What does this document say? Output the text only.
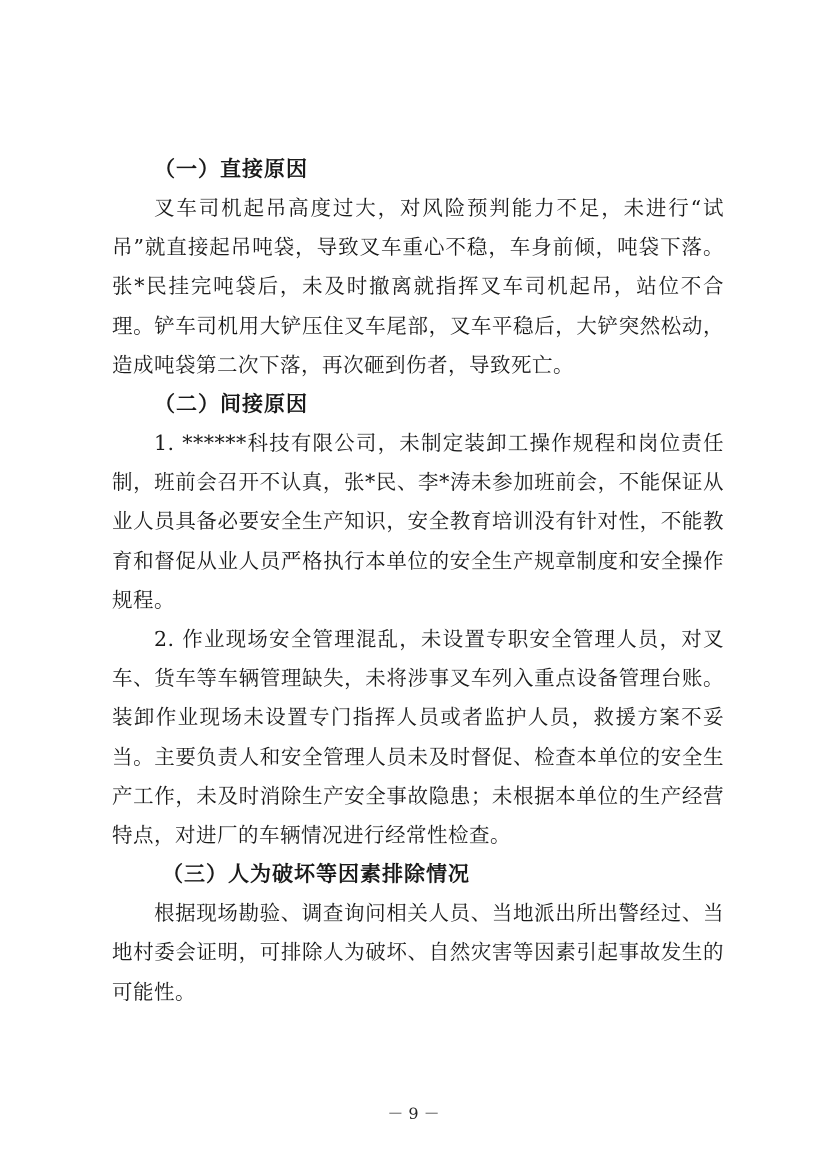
（一）直接原因

叉车司机起吊高度过大，对风险预判能力不足，未进行“试吊”就直接起吊吨袋，导致叉车重心不稳，车身前倾，吨袋下落。张*民挂完吨袋后，未及时撤离就指挥叉车司机起吊，站位不合理。铲车司机用大铲压住叉车尾部，叉车平稳后，大铲突然松动，造成吨袋第二次下落，再次砸到伤者，导致死亡。

（二）间接原因

1. ******科技有限公司，未制定装卸工操作规程和岗位责任制，班前会召开不认真，张*民、李*涛未参加班前会，不能保证从业人员具备必要安全生产知识，安全教育培训没有针对性，不能教育和督促从业人员严格执行本单位的安全生产规章制度和安全操作规程。

2. 作业现场安全管理混乱，未设置专职安全管理人员，对叉车、货车等车辆管理缺失，未将涉事叉车列入重点设备管理台账。装卸作业现场未设置专门指挥人员或者监护人员，救援方案不妥当。主要负责人和安全管理人员未及时督促、检查本单位的安全生产工作，未及时消除生产安全事故隐患；未根据本单位的生产经营特点，对进厂的车辆情况进行经常性检查。

（三）人为破坏等因素排除情况

根据现场勘验、调查询问相关人员、当地派出所出警经过、当地村委会证明，可排除人为破坏、自然灾害等因素引起事故发生的可能性。

－ 9 －
